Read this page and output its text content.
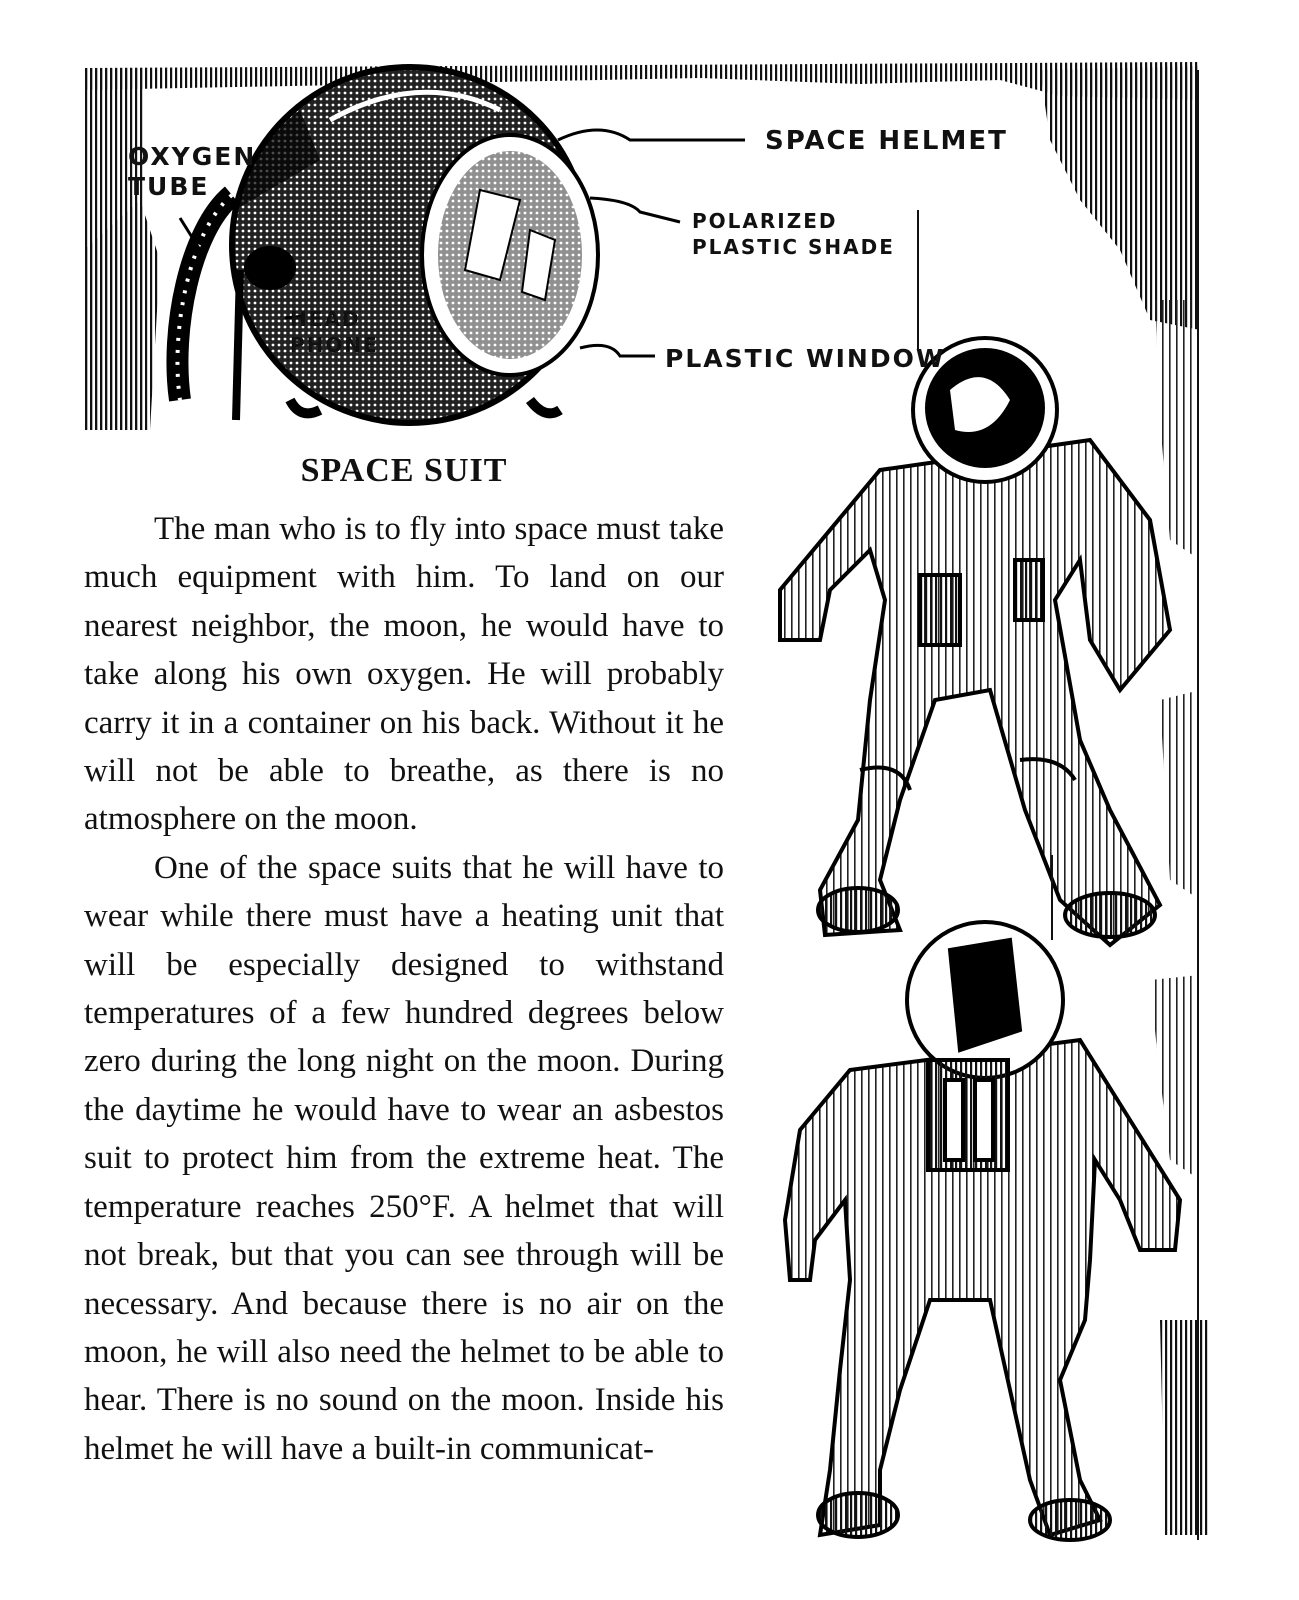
OXYGEN
TUBE
SPACE HELMET
POLARIZED
PLASTIC SHADE
HEAD
PHONE	PLASTIC WINDOW
SPACE SUIT

The man who is to fly into space must take much equipment with him. To land on our nearest neighbor, the moon, he would have to take along his own oxygen. He will probably carry it in a container on his back. Without it he will not be able to breathe, as there is no atmosphere on the moon.

One of the space suits that he will have to wear while there must have a heating unit that will be especially designed to withstand temperatures of a few hundred degrees below zero during the long night on the moon. During the daytime he would have to wear an asbestos suit to protect him from the extreme heat. The temperature reaches 250°F. A helmet that will not break, but that you can see through will be necessary. And because there is no air on the moon, he will also need the helmet to be able to hear. There is no sound on the moon. Inside his helmet he will have a built-in communicat-
